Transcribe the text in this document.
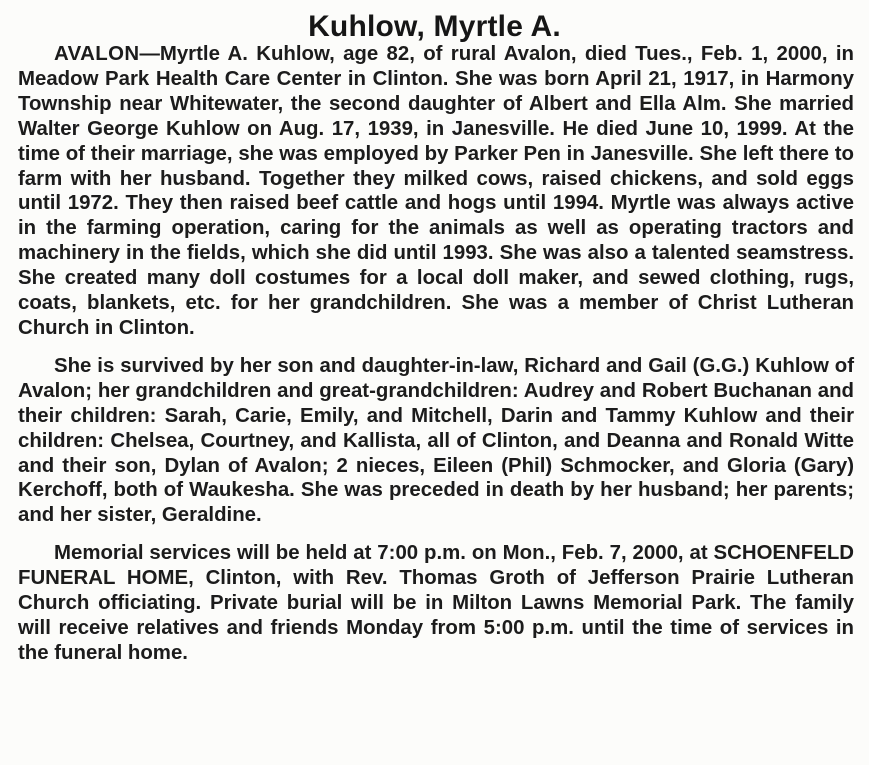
Kuhlow, Myrtle A.

AVALON—Myrtle A. Kuhlow, age 82, of rural Avalon, died Tues., Feb. 1, 2000, in Meadow Park Health Care Center in Clinton. She was born April 21, 1917, in Harmony Township near Whitewater, the second daughter of Albert and Ella Alm. She married Walter George Kuhlow on Aug. 17, 1939, in Janesville. He died June 10, 1999. At the time of their marriage, she was employed by Parker Pen in Janesville. She left there to farm with her husband. Together they milked cows, raised chickens, and sold eggs until 1972. They then raised beef cattle and hogs until 1994. Myrtle was always active in the farming operation, caring for the animals as well as operating tractors and machinery in the fields, which she did until 1993. She was also a talented seamstress. She created many doll costumes for a local doll maker, and sewed clothing, rugs, coats, blankets, etc. for her grandchildren. She was a member of Christ Lutheran Church in Clinton.

She is survived by her son and daughter-in-law, Richard and Gail (G.G.) Kuhlow of Avalon; her grandchildren and great-grandchildren: Audrey and Robert Buchanan and their children: Sarah, Carie, Emily, and Mitchell, Darin and Tammy Kuhlow and their children: Chelsea, Courtney, and Kallista, all of Clinton, and Deanna and Ronald Witte and their son, Dylan of Avalon; 2 nieces, Eileen (Phil) Schmocker, and Gloria (Gary) Kerchoff, both of Waukesha. She was preceded in death by her husband; her parents; and her sister, Geraldine.

Memorial services will be held at 7:00 p.m. on Mon., Feb. 7, 2000, at SCHOENFELD FUNERAL HOME, Clinton, with Rev. Thomas Groth of Jefferson Prairie Lutheran Church officiating. Private burial will be in Milton Lawns Memorial Park. The family will receive relatives and friends Monday from 5:00 p.m. until the time of services in the funeral home.
